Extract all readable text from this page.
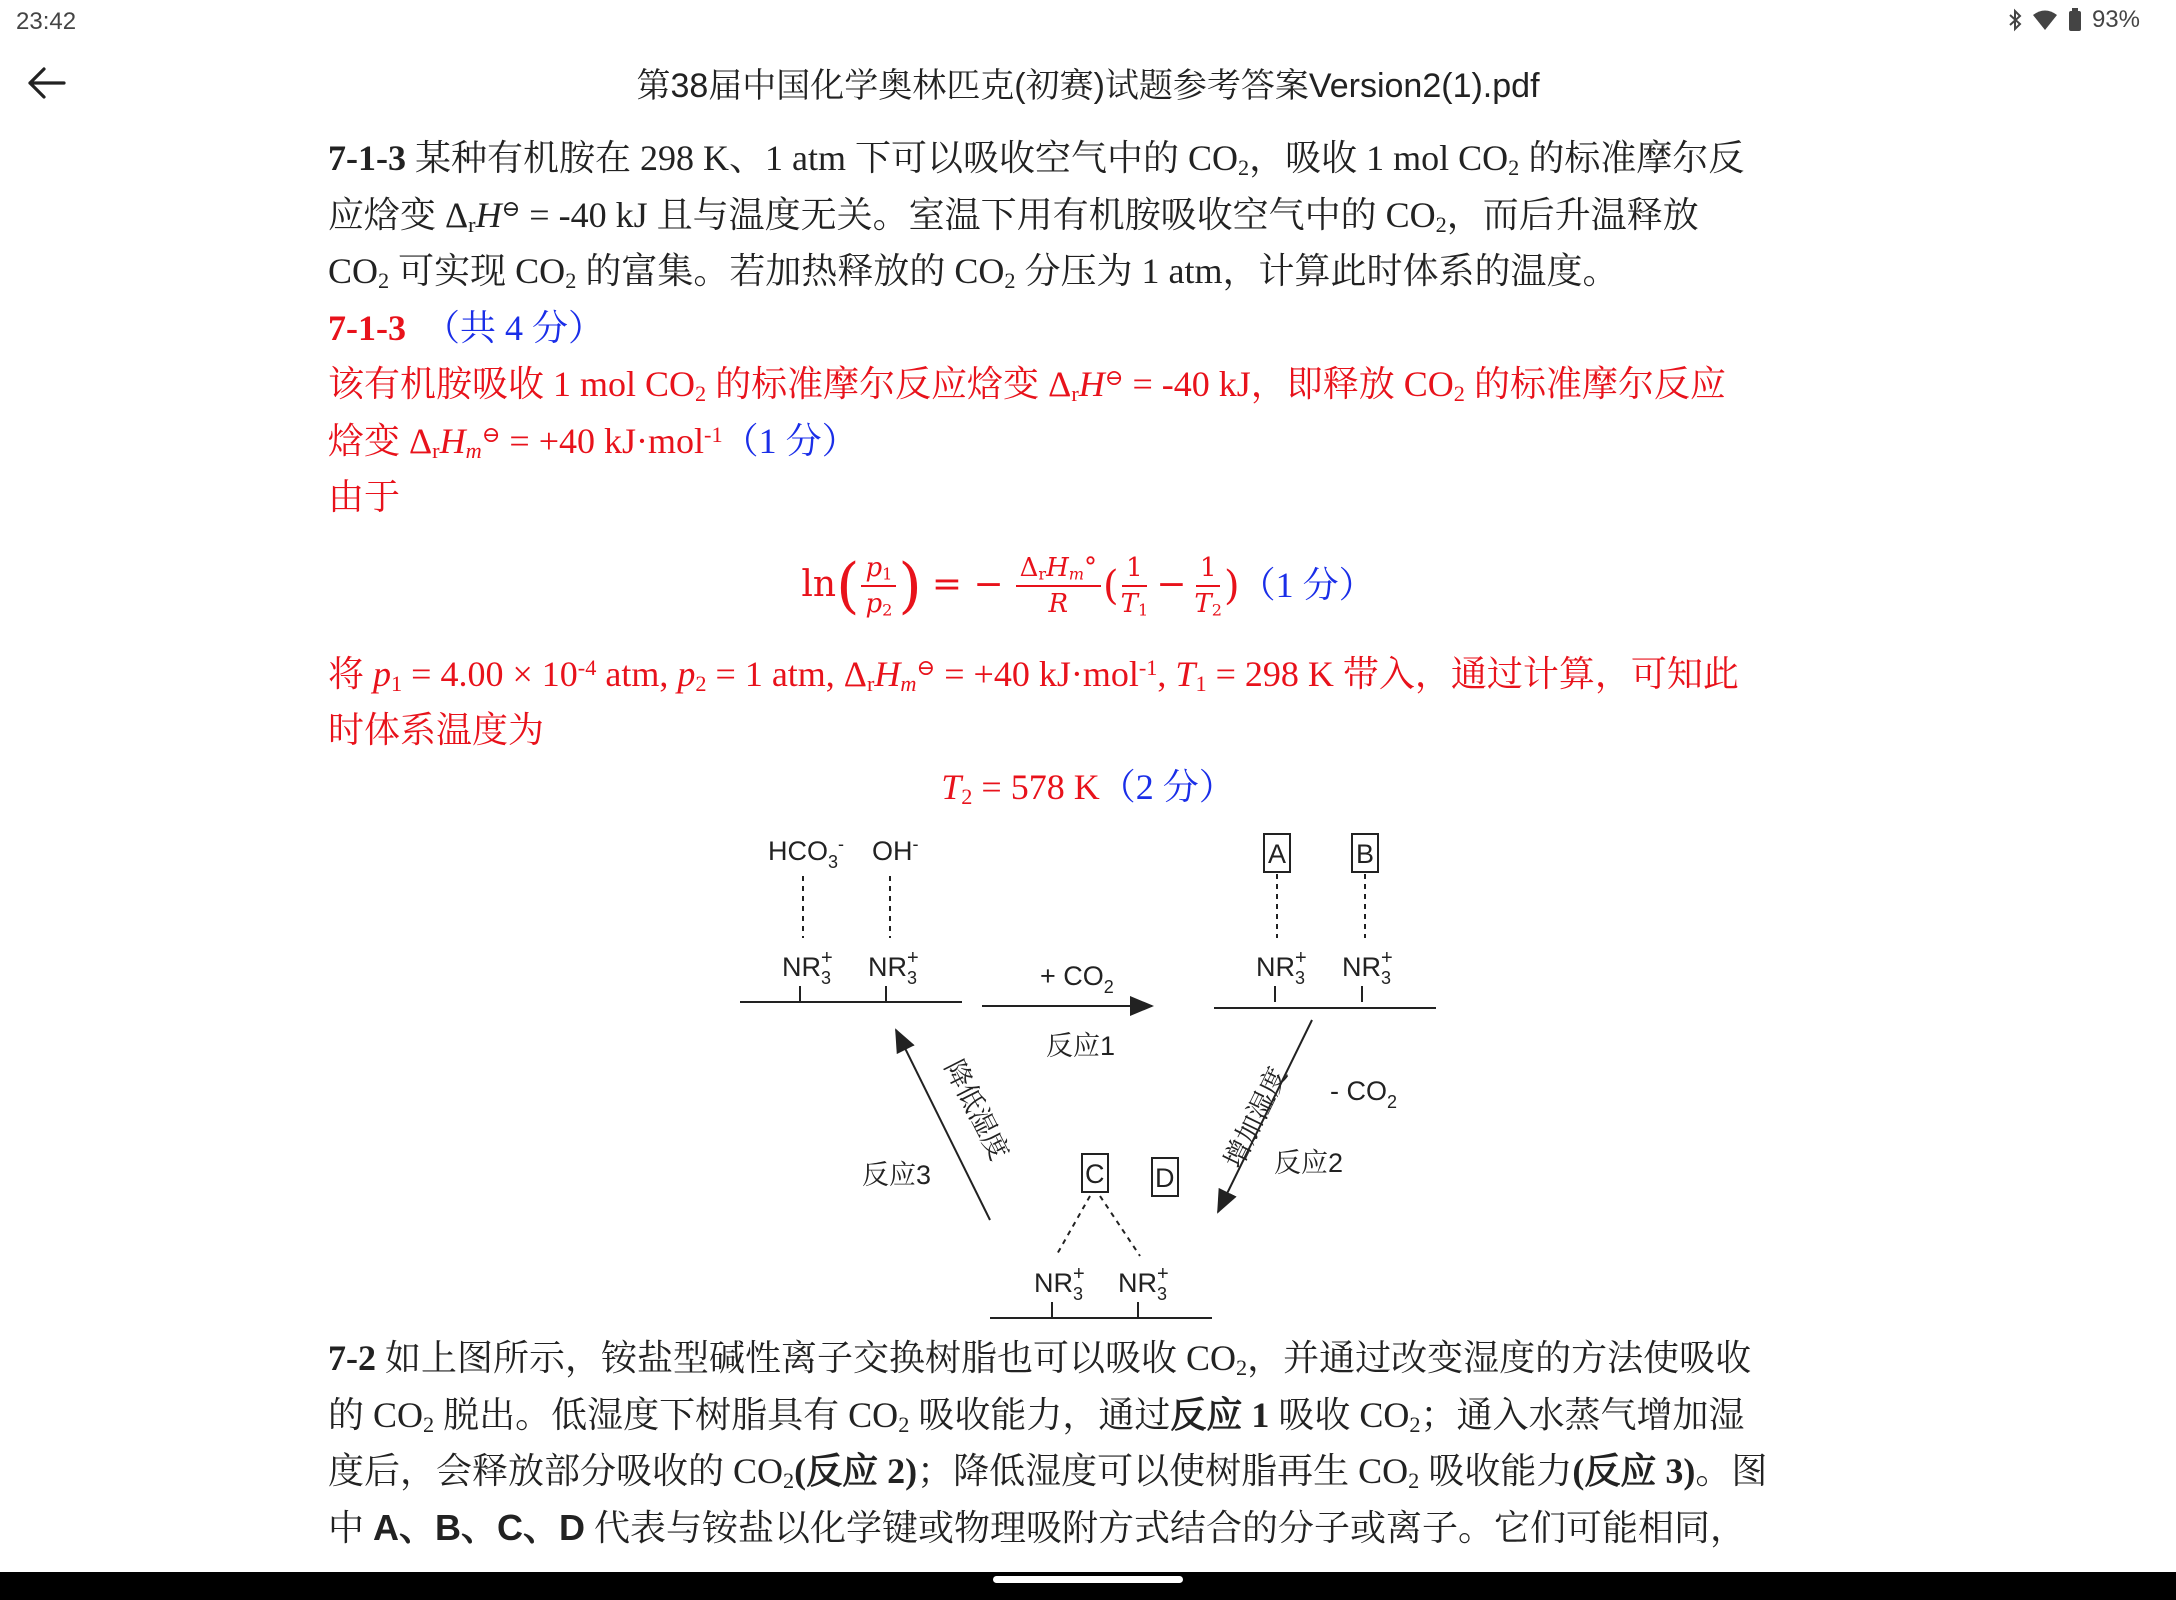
23:42	93%
第38届中国化学奥林匹克(初赛)试题参考答案Version2(1).pdf

7-1-3 某种有机胺在 298 K、1 atm 下可以吸收空气中的 $CO_2$，吸收 1 mol $CO_2$ 的标准摩尔反
应焓变 $\Delta_rH^⊖ = -40$ kJ 且与温度无关。室温下用有机胺吸收空气中的 $CO_2$，而后升温释放
$CO_2$ 可实现 $CO_2$ 的富集。若加热释放的 $CO_2$ 分压为 1 atm，计算此时体系的温度。

7-1-3 （共 4 分）

该有机胺吸收 1 mol $CO_2$ 的标准摩尔反应焓变 $\Delta_rH^⊖ = -40$ kJ，即释放 $CO_2$ 的标准摩尔反应
焓变 $\Delta_rH_m^⊖ = +40$ kJ·mol$^{-1}$（1 分）
由于

ln ( $\frac{p_1}{p_2}$ ) = − $\frac{\Delta_rH_m^\circ}{R}$ ( $\frac{1}{T_1} - \frac{1}{T_2}$ ) （1 分）

将 $p_1 = 4.00 \times 10^{-4}$ atm, $p_2 = 1$ atm, $\Delta_rH_m^⊖ = +40$ kJ·mol$^{-1}$, $T_1 = 298$ K 带入，通过计算，可知此
时体系温度为

$T_2 = 578$ K（2 分）

$HCO_3^-$ OH-
$NR_3+ NR_3+$
+ $CO_2$
反应1
A	B
$NR_3+ NR_3+$
增加湿度 - $CO_2$
反应2
降低湿度
反应3	C D
$NR_3+ NR_3+$

7-2 如上图所示，铵盐型碱性离子交换树脂也可以吸收 $CO_2$，并通过改变湿度的方法使吸收
的 $CO_2$ 脱出。低湿度下树脂具有 $CO_2$ 吸收能力，通过反应 1 吸收 $CO_2$；通入水蒸气增加湿
度后，会释放部分吸收的 $CO_2$(反应 2)；降低湿度可以使树脂再生 $CO_2$ 吸收能力(反应 3)。图
中 A、B、C、D 代表与铵盐以化学键或物理吸附方式结合的分子或离子。它们可能相同，
